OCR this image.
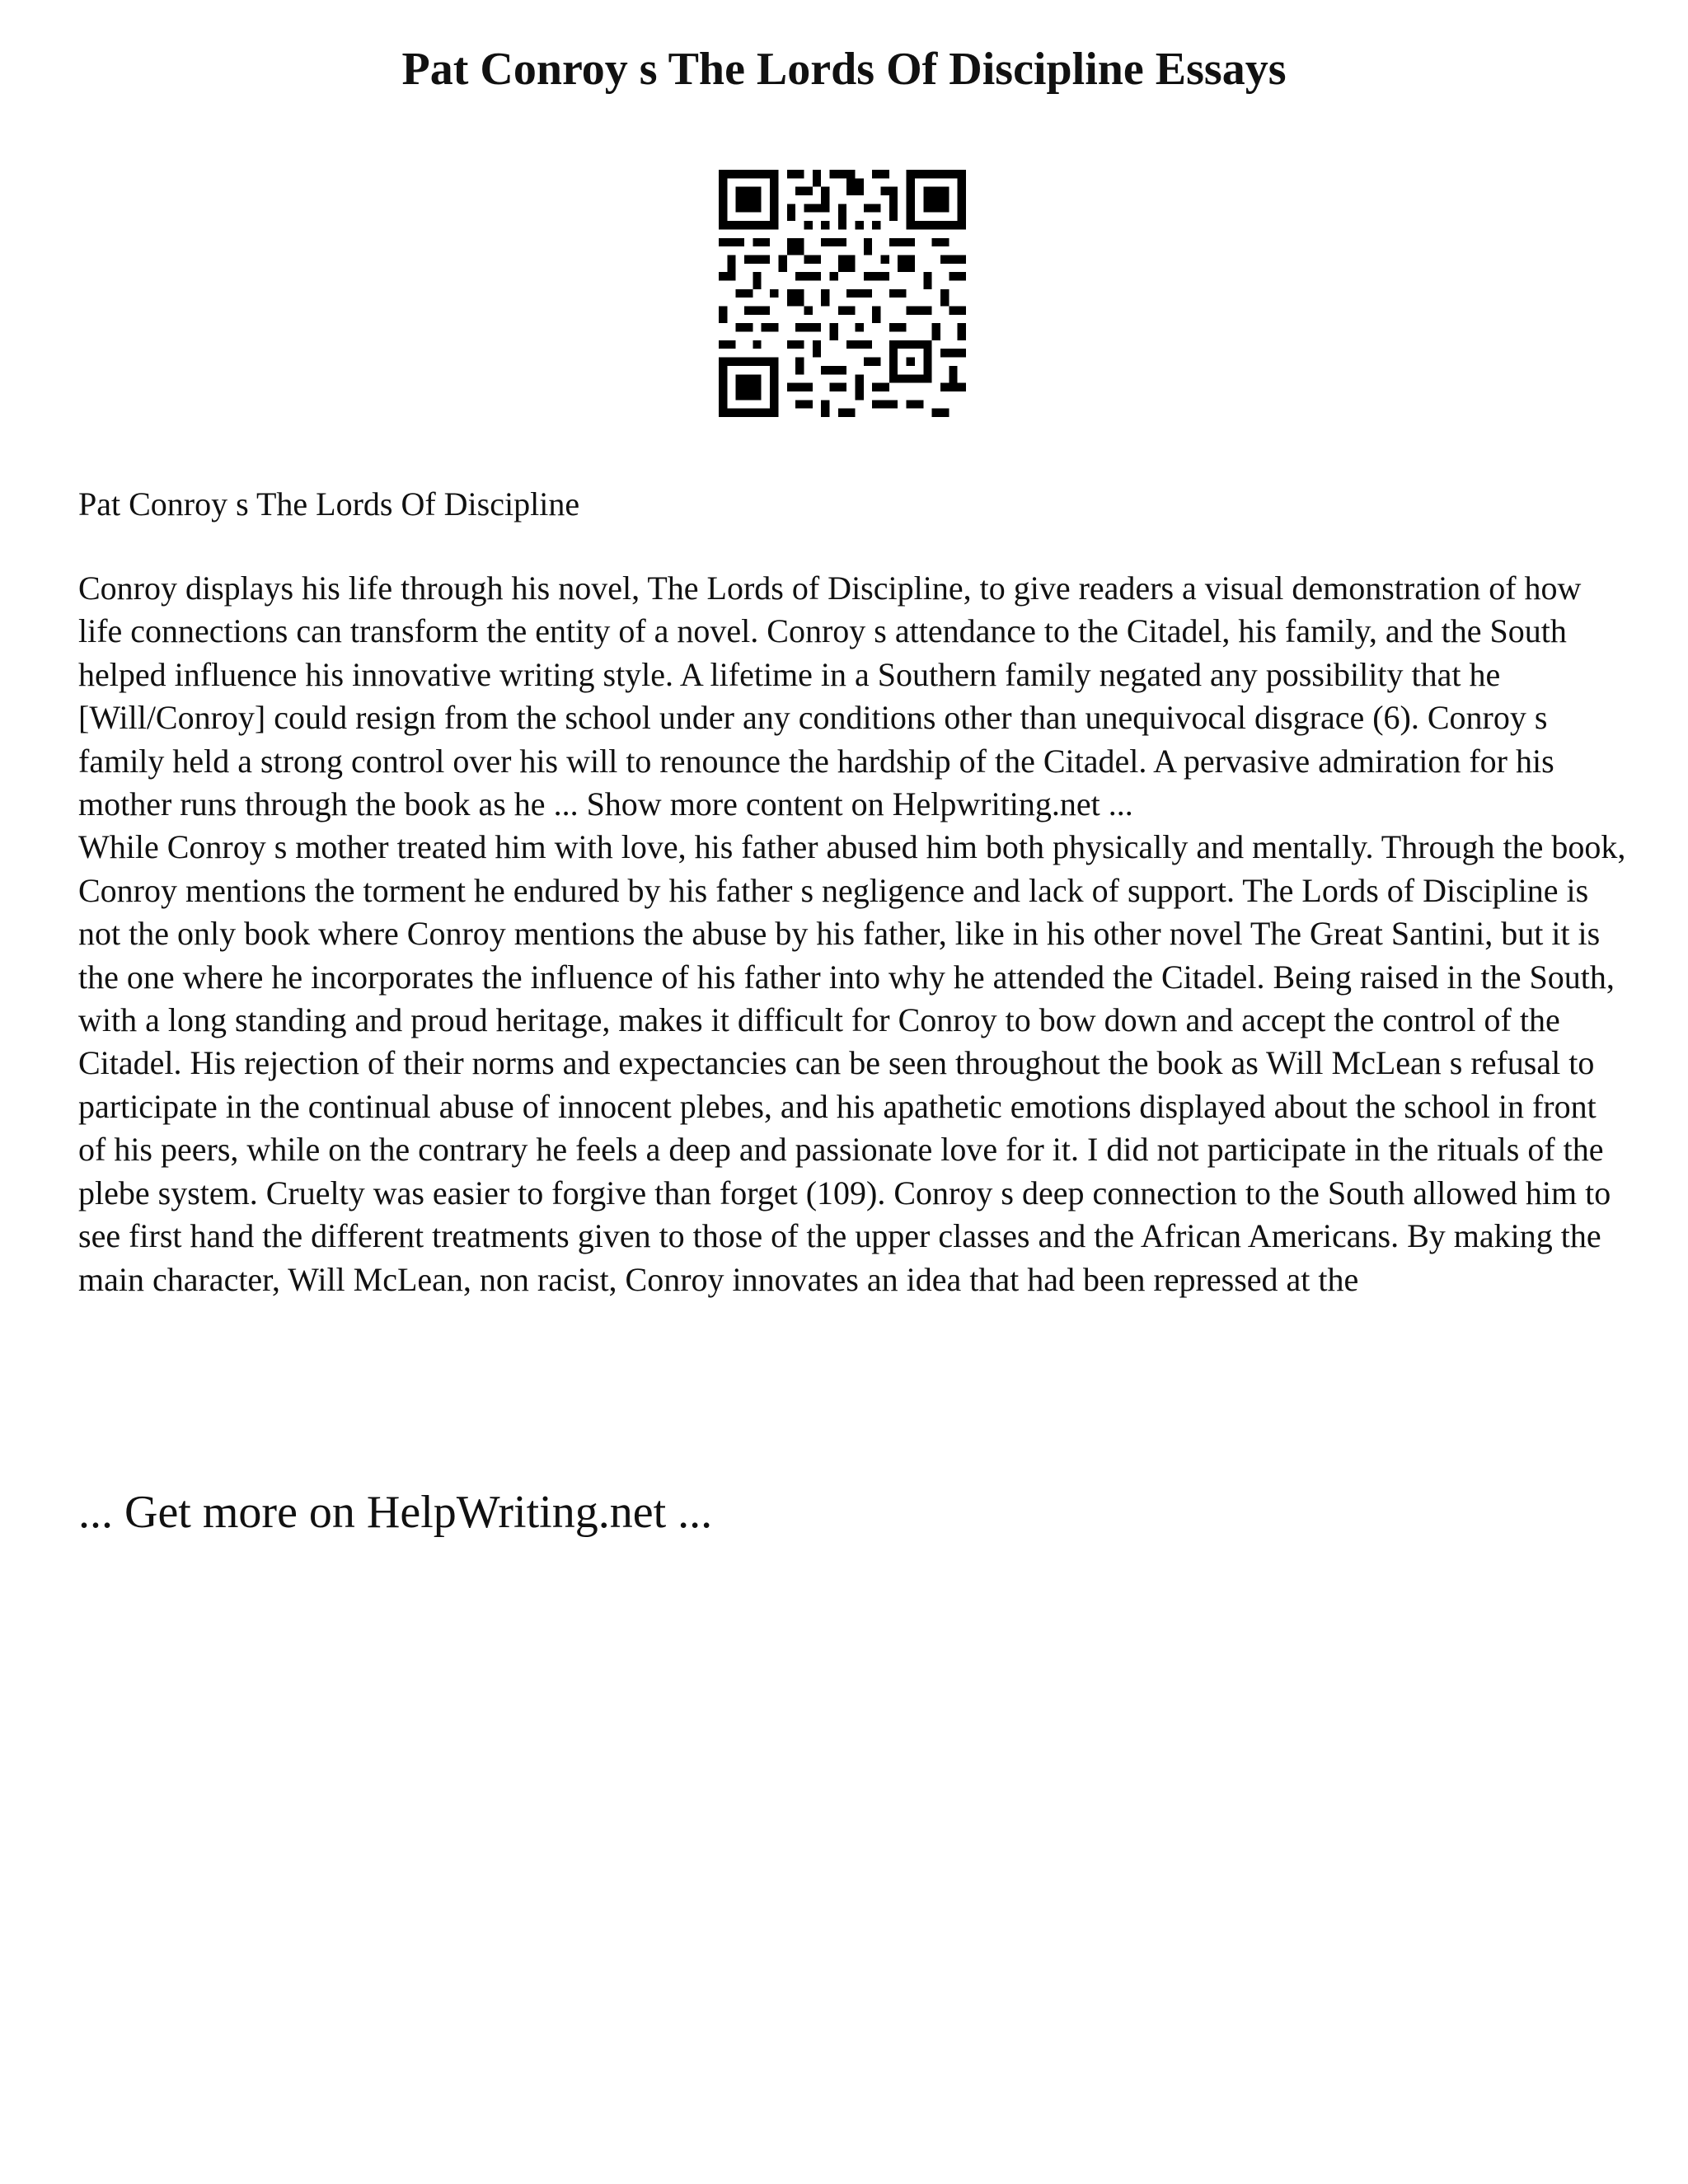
Pat Conroy s The Lords Of Discipline Essays
Pat Conroy s The Lords Of Discipline

Conroy displays his life through his novel, The Lords of Discipline, to give readers a visual demonstration of how life connections can transform the entity of a novel. Conroy s attendance to the Citadel, his family, and the South helped influence his innovative writing style. A lifetime in a Southern family negated any possibility that he [Will/Conroy] could resign from the school under any conditions other than unequivocal disgrace (6). Conroy s family held a strong control over his will to renounce the hardship of the Citadel. A pervasive admiration for his mother runs through the book as he ... Show more content on Helpwriting.net ...

While Conroy s mother treated him with love, his father abused him both physically and mentally. Through the book, Conroy mentions the torment he endured by his father s negligence and lack of support. The Lords of Discipline is not the only book where Conroy mentions the abuse by his father, like in his other novel The Great Santini, but it is the one where he incorporates the influence of his father into why he attended the Citadel. Being raised in the South, with a long standing and proud heritage, makes it difficult for Conroy to bow down and accept the control of the Citadel. His rejection of their norms and expectancies can be seen throughout the book as Will McLean s refusal to participate in the continual abuse of innocent plebes, and his apathetic emotions displayed about the school in front of his peers, while on the contrary he feels a deep and passionate love for it. I did not participate in the rituals of the plebe system. Cruelty was easier to forgive than forget (109). Conroy s deep connection to the South allowed him to see first hand the different treatments given to those of the upper classes and the African Americans. By making the main character, Will McLean, non racist, Conroy innovates an idea that had been repressed at the

... Get more on HelpWriting.net ...
